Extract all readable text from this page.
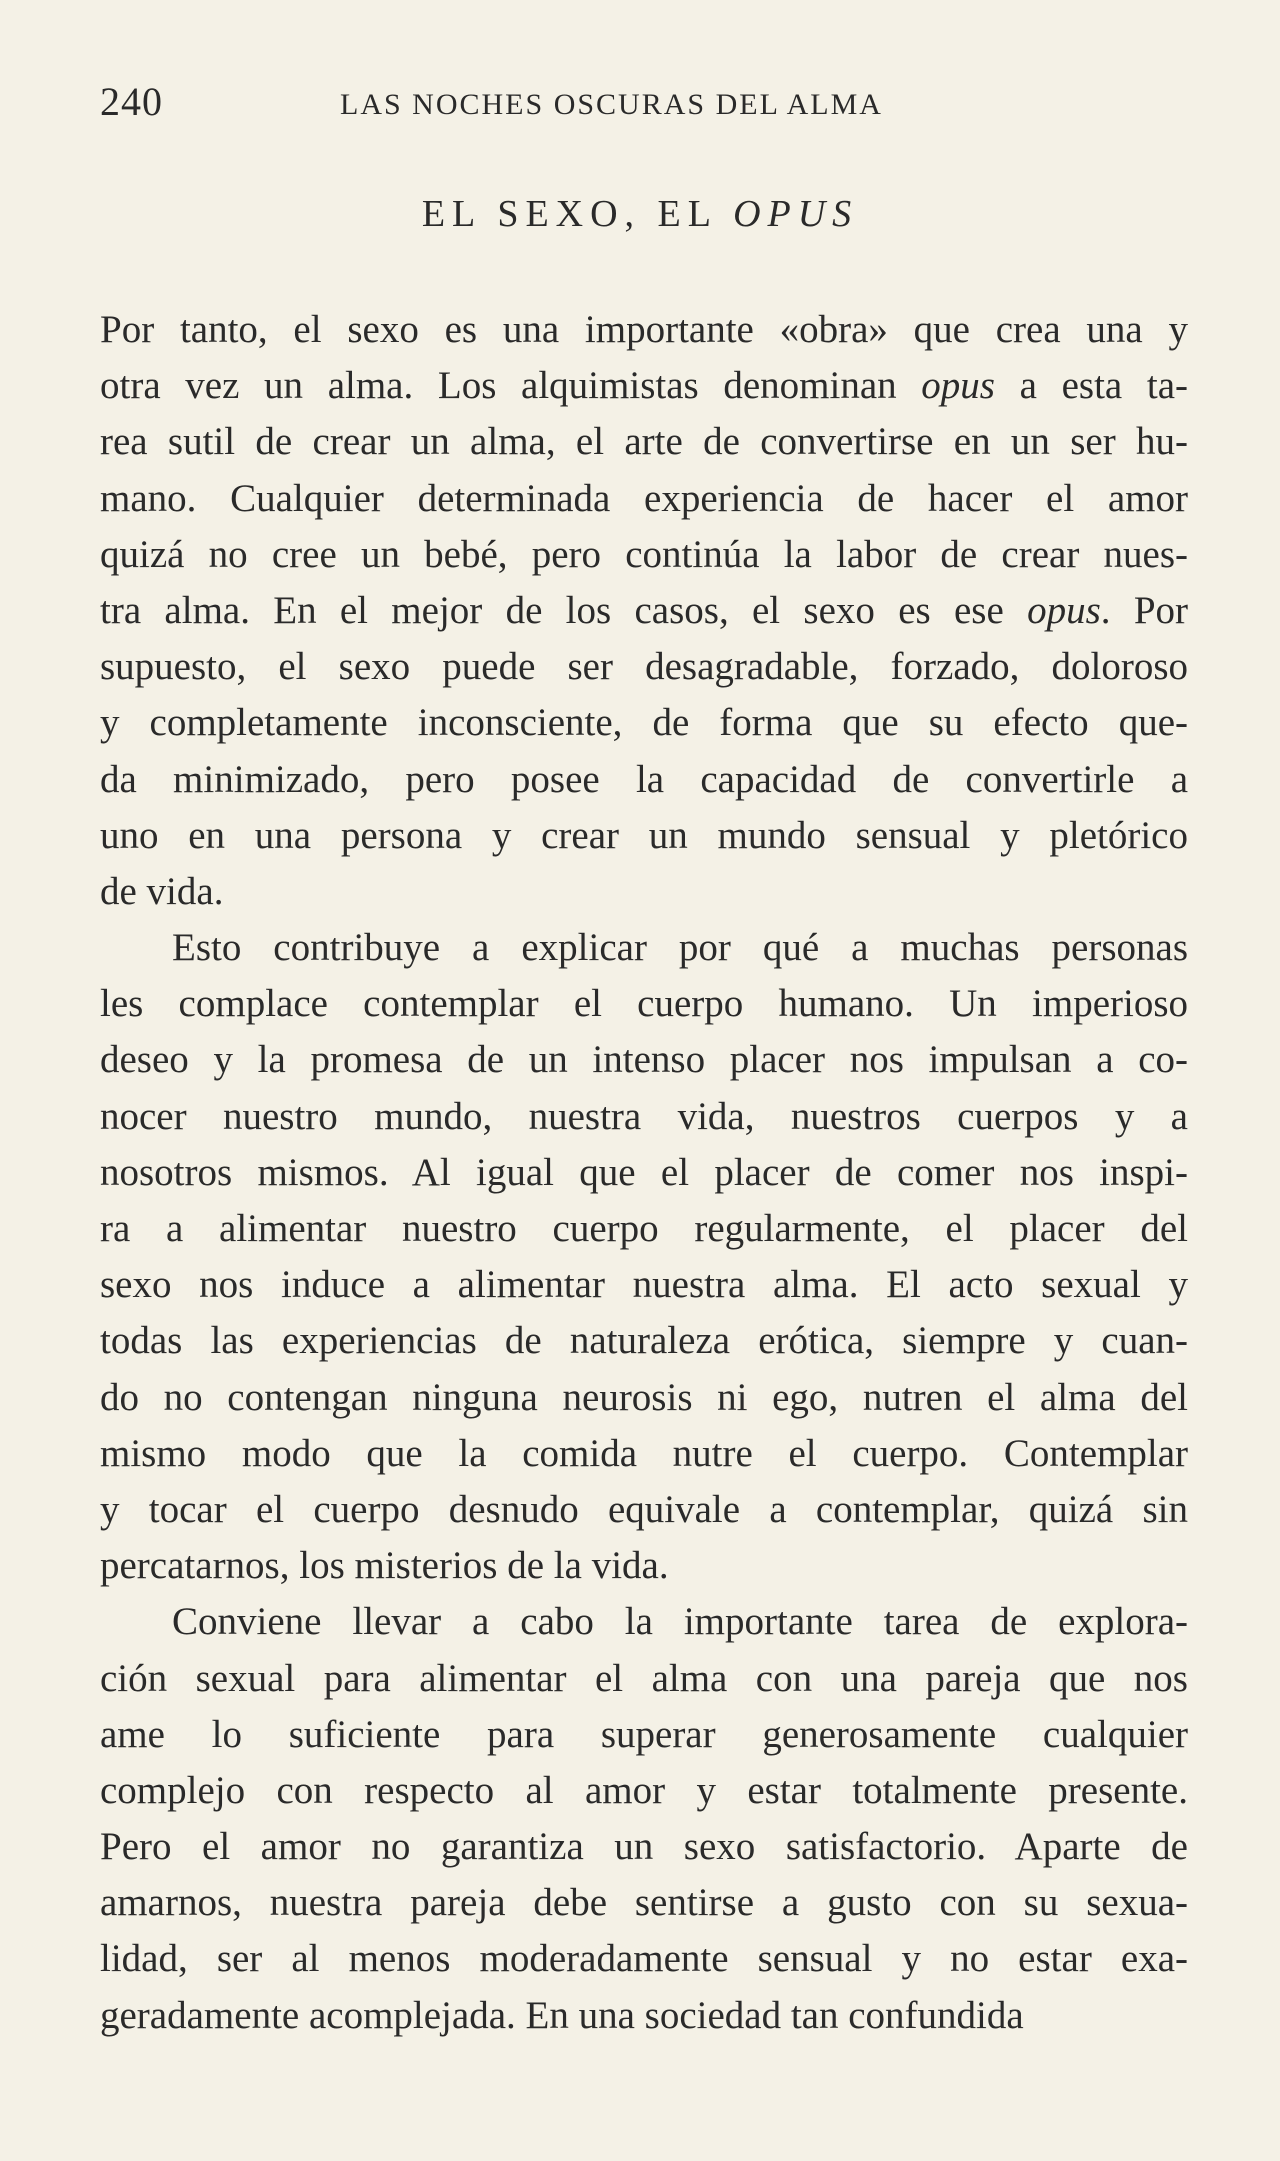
240	LAS NOCHES OSCURAS DEL ALMA
EL SEXO, EL OPUS
Por tanto, el sexo es una importante «obra» que crea una y
otra vez un alma. Los alquimistas denominan opus a esta ta-
rea sutil de crear un alma, el arte de convertirse en un ser hu-
mano. Cualquier determinada experiencia de hacer el amor
quizá no cree un bebé, pero continúa la labor de crear nues-
tra alma. En el mejor de los casos, el sexo es ese opus. Por
supuesto, el sexo puede ser desagradable, forzado, doloroso
y completamente inconsciente, de forma que su efecto que-
da minimizado, pero posee la capacidad de convertirle a
uno en una persona y crear un mundo sensual y pletórico
de vida.
Esto contribuye a explicar por qué a muchas personas
les complace contemplar el cuerpo humano. Un imperioso
deseo y la promesa de un intenso placer nos impulsan a co-
nocer nuestro mundo, nuestra vida, nuestros cuerpos y a
nosotros mismos. Al igual que el placer de comer nos inspi-
ra a alimentar nuestro cuerpo regularmente, el placer del
sexo nos induce a alimentar nuestra alma. El acto sexual y
todas las experiencias de naturaleza erótica, siempre y cuan-
do no contengan ninguna neurosis ni ego, nutren el alma del
mismo modo que la comida nutre el cuerpo. Contemplar
y tocar el cuerpo desnudo equivale a contemplar, quizá sin
percatarnos, los misterios de la vida.
Conviene llevar a cabo la importante tarea de explora-
ción sexual para alimentar el alma con una pareja que nos
ame lo suficiente para superar generosamente cualquier
complejo con respecto al amor y estar totalmente presente.
Pero el amor no garantiza un sexo satisfactorio. Aparte de
amarnos, nuestra pareja debe sentirse a gusto con su sexua-
lidad, ser al menos moderadamente sensual y no estar exa-
geradamente acomplejada. En una sociedad tan confundida
